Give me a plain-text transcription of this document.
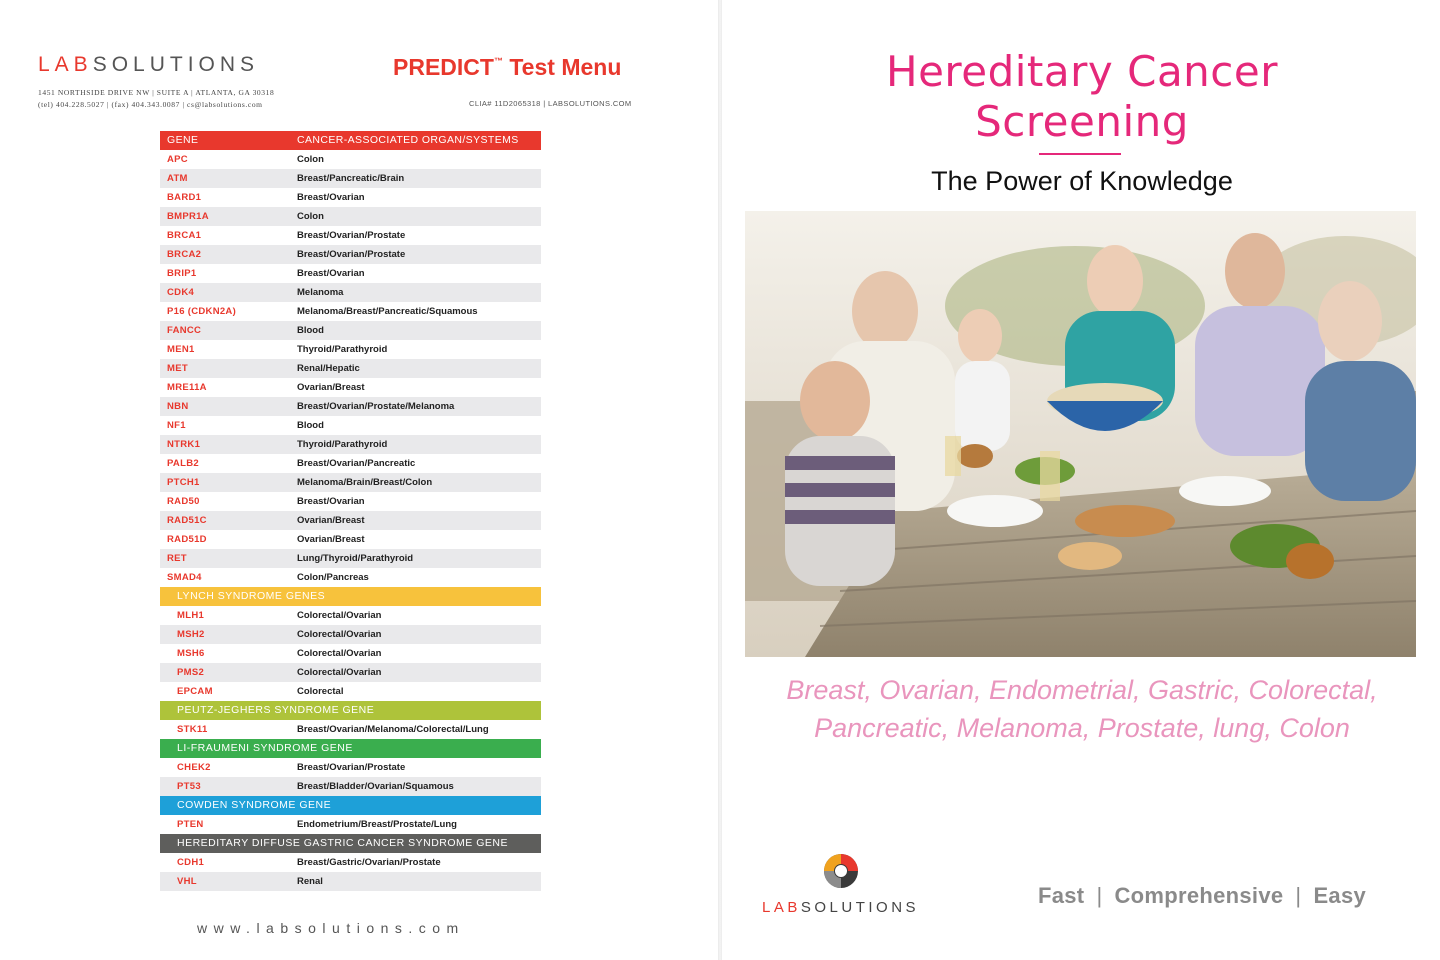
LABSOLUTIONS
1451 NORTHSIDE DRIVE NW | SUITE A | ATLANTA, GA 30318
(tel) 404.228.5027 | (fax) 404.343.0087 | cs@labsolutions.com
PREDICT™ Test Menu
CLIA# 11D2065318 | LABSOLUTIONS.COM
GENE	CANCER-ASSOCIATED ORGAN/SYSTEMS
APC	Colon
ATM	Breast/Pancreatic/Brain
BARD1	Breast/Ovarian
BMPR1A	Colon
BRCA1	Breast/Ovarian/Prostate
BRCA2	Breast/Ovarian/Prostate
BRIP1	Breast/Ovarian
CDK4	Melanoma
P16 (CDKN2A)	Melanoma/Breast/Pancreatic/Squamous
FANCC	Blood
MEN1	Thyroid/Parathyroid
MET	Renal/Hepatic
MRE11A	Ovarian/Breast
NBN	Breast/Ovarian/Prostate/Melanoma
NF1	Blood
NTRK1	Thyroid/Parathyroid
PALB2	Breast/Ovarian/Pancreatic
PTCH1	Melanoma/Brain/Breast/Colon
RAD50	Breast/Ovarian
RAD51C	Ovarian/Breast
RAD51D	Ovarian/Breast
RET	Lung/Thyroid/Parathyroid
SMAD4	Colon/Pancreas
LYNCH SYNDROME GENES	
MLH1	Colorectal/Ovarian
MSH2	Colorectal/Ovarian
MSH6	Colorectal/Ovarian
PMS2	Colorectal/Ovarian
EPCAM	Colorectal
PEUTZ-JEGHERS SYNDROME GENE	
STK11	Breast/Ovarian/Melanoma/Colorectal/Lung
LI-FRAUMENI SYNDROME GENE	
CHEK2	Breast/Ovarian/Prostate
PT53	Breast/Bladder/Ovarian/Squamous
COWDEN SYNDROME GENE	
PTEN	Endometrium/Breast/Prostate/Lung
HEREDITARY DIFFUSE GASTRIC CANCER SYNDROME GENE	
CDH1	Breast/Gastric/Ovarian/Prostate
VHL	Renal
www.labsolutions.com
Hereditary Cancer
Screening
The Power of Knowledge
Breast, Ovarian, Endometrial, Gastric, Colorectal,
Pancreatic, Melanoma, Prostate, lung, Colon
LABSOLUTIONS	Fast | Comprehensive | Easy
